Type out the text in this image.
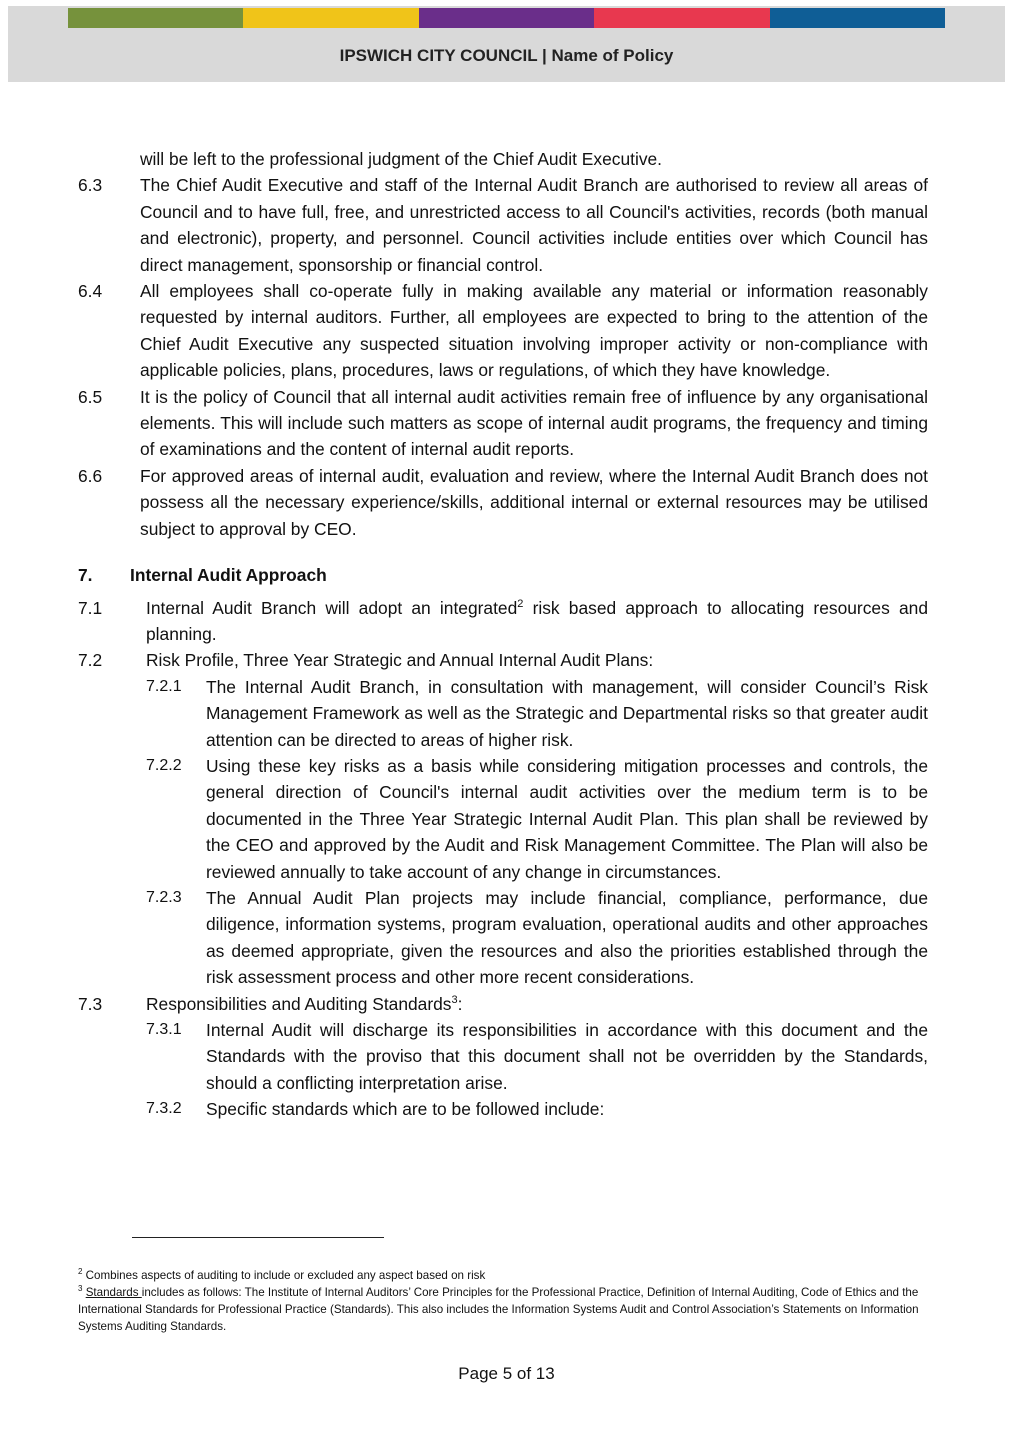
IPSWICH CITY COUNCIL | Name of Policy
will be left to the professional judgment of the Chief Audit Executive.
6.3	The Chief Audit Executive and staff of the Internal Audit Branch are authorised to review all areas of Council and to have full, free, and unrestricted access to all Council's activities, records (both manual and electronic), property, and personnel. Council activities include entities over which Council has direct management, sponsorship or financial control.
6.4	All employees shall co-operate fully in making available any material or information reasonably requested by internal auditors. Further, all employees are expected to bring to the attention of the Chief Audit Executive any suspected situation involving improper activity or non-compliance with applicable policies, plans, procedures, laws or regulations, of which they have knowledge.
6.5	It is the policy of Council that all internal audit activities remain free of influence by any organisational elements. This will include such matters as scope of internal audit programs, the frequency and timing of examinations and the content of internal audit reports.
6.6	For approved areas of internal audit, evaluation and review, where the Internal Audit Branch does not possess all the necessary experience/skills, additional internal or external resources may be utilised subject to approval by CEO.
7.	Internal Audit Approach
7.1	Internal Audit Branch will adopt an integrated$^2$ risk based approach to allocating resources and planning.
7.2	Risk Profile, Three Year Strategic and Annual Internal Audit Plans:
7.2.1	The Internal Audit Branch, in consultation with management, will consider Council’s Risk Management Framework as well as the Strategic and Departmental risks so that greater audit attention can be directed to areas of higher risk.
7.2.2	Using these key risks as a basis while considering mitigation processes and controls, the general direction of Council's internal audit activities over the medium term is to be documented in the Three Year Strategic Internal Audit Plan. This plan shall be reviewed by the CEO and approved by the Audit and Risk Management Committee. The Plan will also be reviewed annually to take account of any change in circumstances.
7.2.3	The Annual Audit Plan projects may include financial, compliance, performance, due diligence, information systems, program evaluation, operational audits and other approaches as deemed appropriate, given the resources and also the priorities established through the risk assessment process and other more recent considerations.
7.3	Responsibilities and Auditing Standards$^3$:
7.3.1	Internal Audit will discharge its responsibilities in accordance with this document and the Standards with the proviso that this document shall not be overridden by the Standards, should a conflicting interpretation arise.
7.3.2	Specific standards which are to be followed include:
$^2$ Combines aspects of auditing to include or excluded any aspect based on risk
$^3$ Standards includes as follows: The Institute of Internal Auditors’ Core Principles for the Professional Practice, Definition of Internal Auditing, Code of Ethics and the International Standards for Professional Practice (Standards). This also includes the Information Systems Audit and Control Association’s Statements on Information Systems Auditing Standards.
Page 5 of 13
